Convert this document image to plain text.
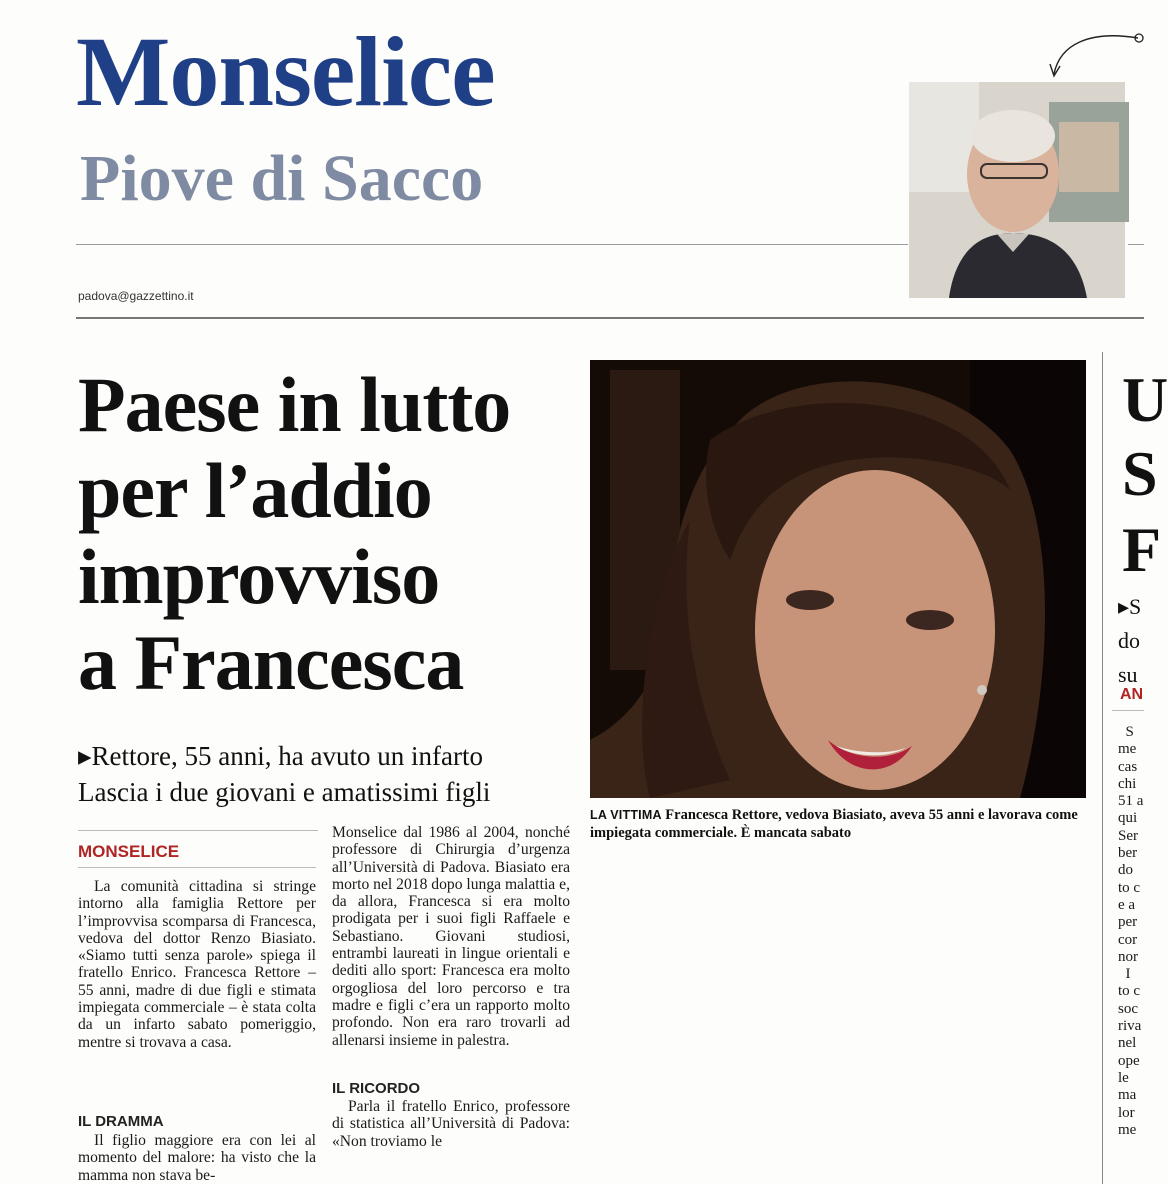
Monselice
Piove di Sacco
padova@gazzettino.it
Paese in lutto
per l’addio
improvviso
a Francesca
▸Rettore, 55 anni, ha avuto un infarto
Lascia i due giovani e amatissimi figli
MONSELICE
La comunità cittadina si stringe intorno alla famiglia Rettore per l’improvvisa scomparsa di Francesca, vedova del dottor Renzo Biasiato. «Siamo tutti senza parole» spiega il fratello Enrico. Francesca Rettore – 55 anni, madre di due figli e stimata impiegata commerciale – è stata colta da un infarto sabato pomeriggio, mentre si trovava a casa.
IL DRAMMA
Il figlio maggiore era con lei al momento del malore: ha visto che la mamma non stava be-
Monselice dal 1986 al 2004, nonché professore di Chirurgia d’urgenza all’Università di Padova. Biasiato era morto nel 2018 dopo lunga malattia e, da allora, Francesca si era molto prodigata per i suoi figli Raffaele e Sebastiano. Giovani studiosi, entrambi laureati in lingue orientali e dediti allo sport: Francesca era molto orgogliosa del loro percorso e tra madre e figli c’era un rapporto molto profondo. Non era raro trovarli ad allenarsi insieme in palestra.
IL RICORDO
Parla il fratello Enrico, professore di statistica all’Università di Padova: «Non troviamo le
LA VITTIMA Francesca Rettore, vedova Biasiato, aveva 55 anni e lavorava come impiegata commerciale. È mancata sabato
U
S
F
▸S
do
su
AN
S
me
cas
chi
51 a
qui
Ser
ber
do
to c
e a
per
cor
nor
I
to c
soc
riva
nel
ope
le
ma
lor
me
